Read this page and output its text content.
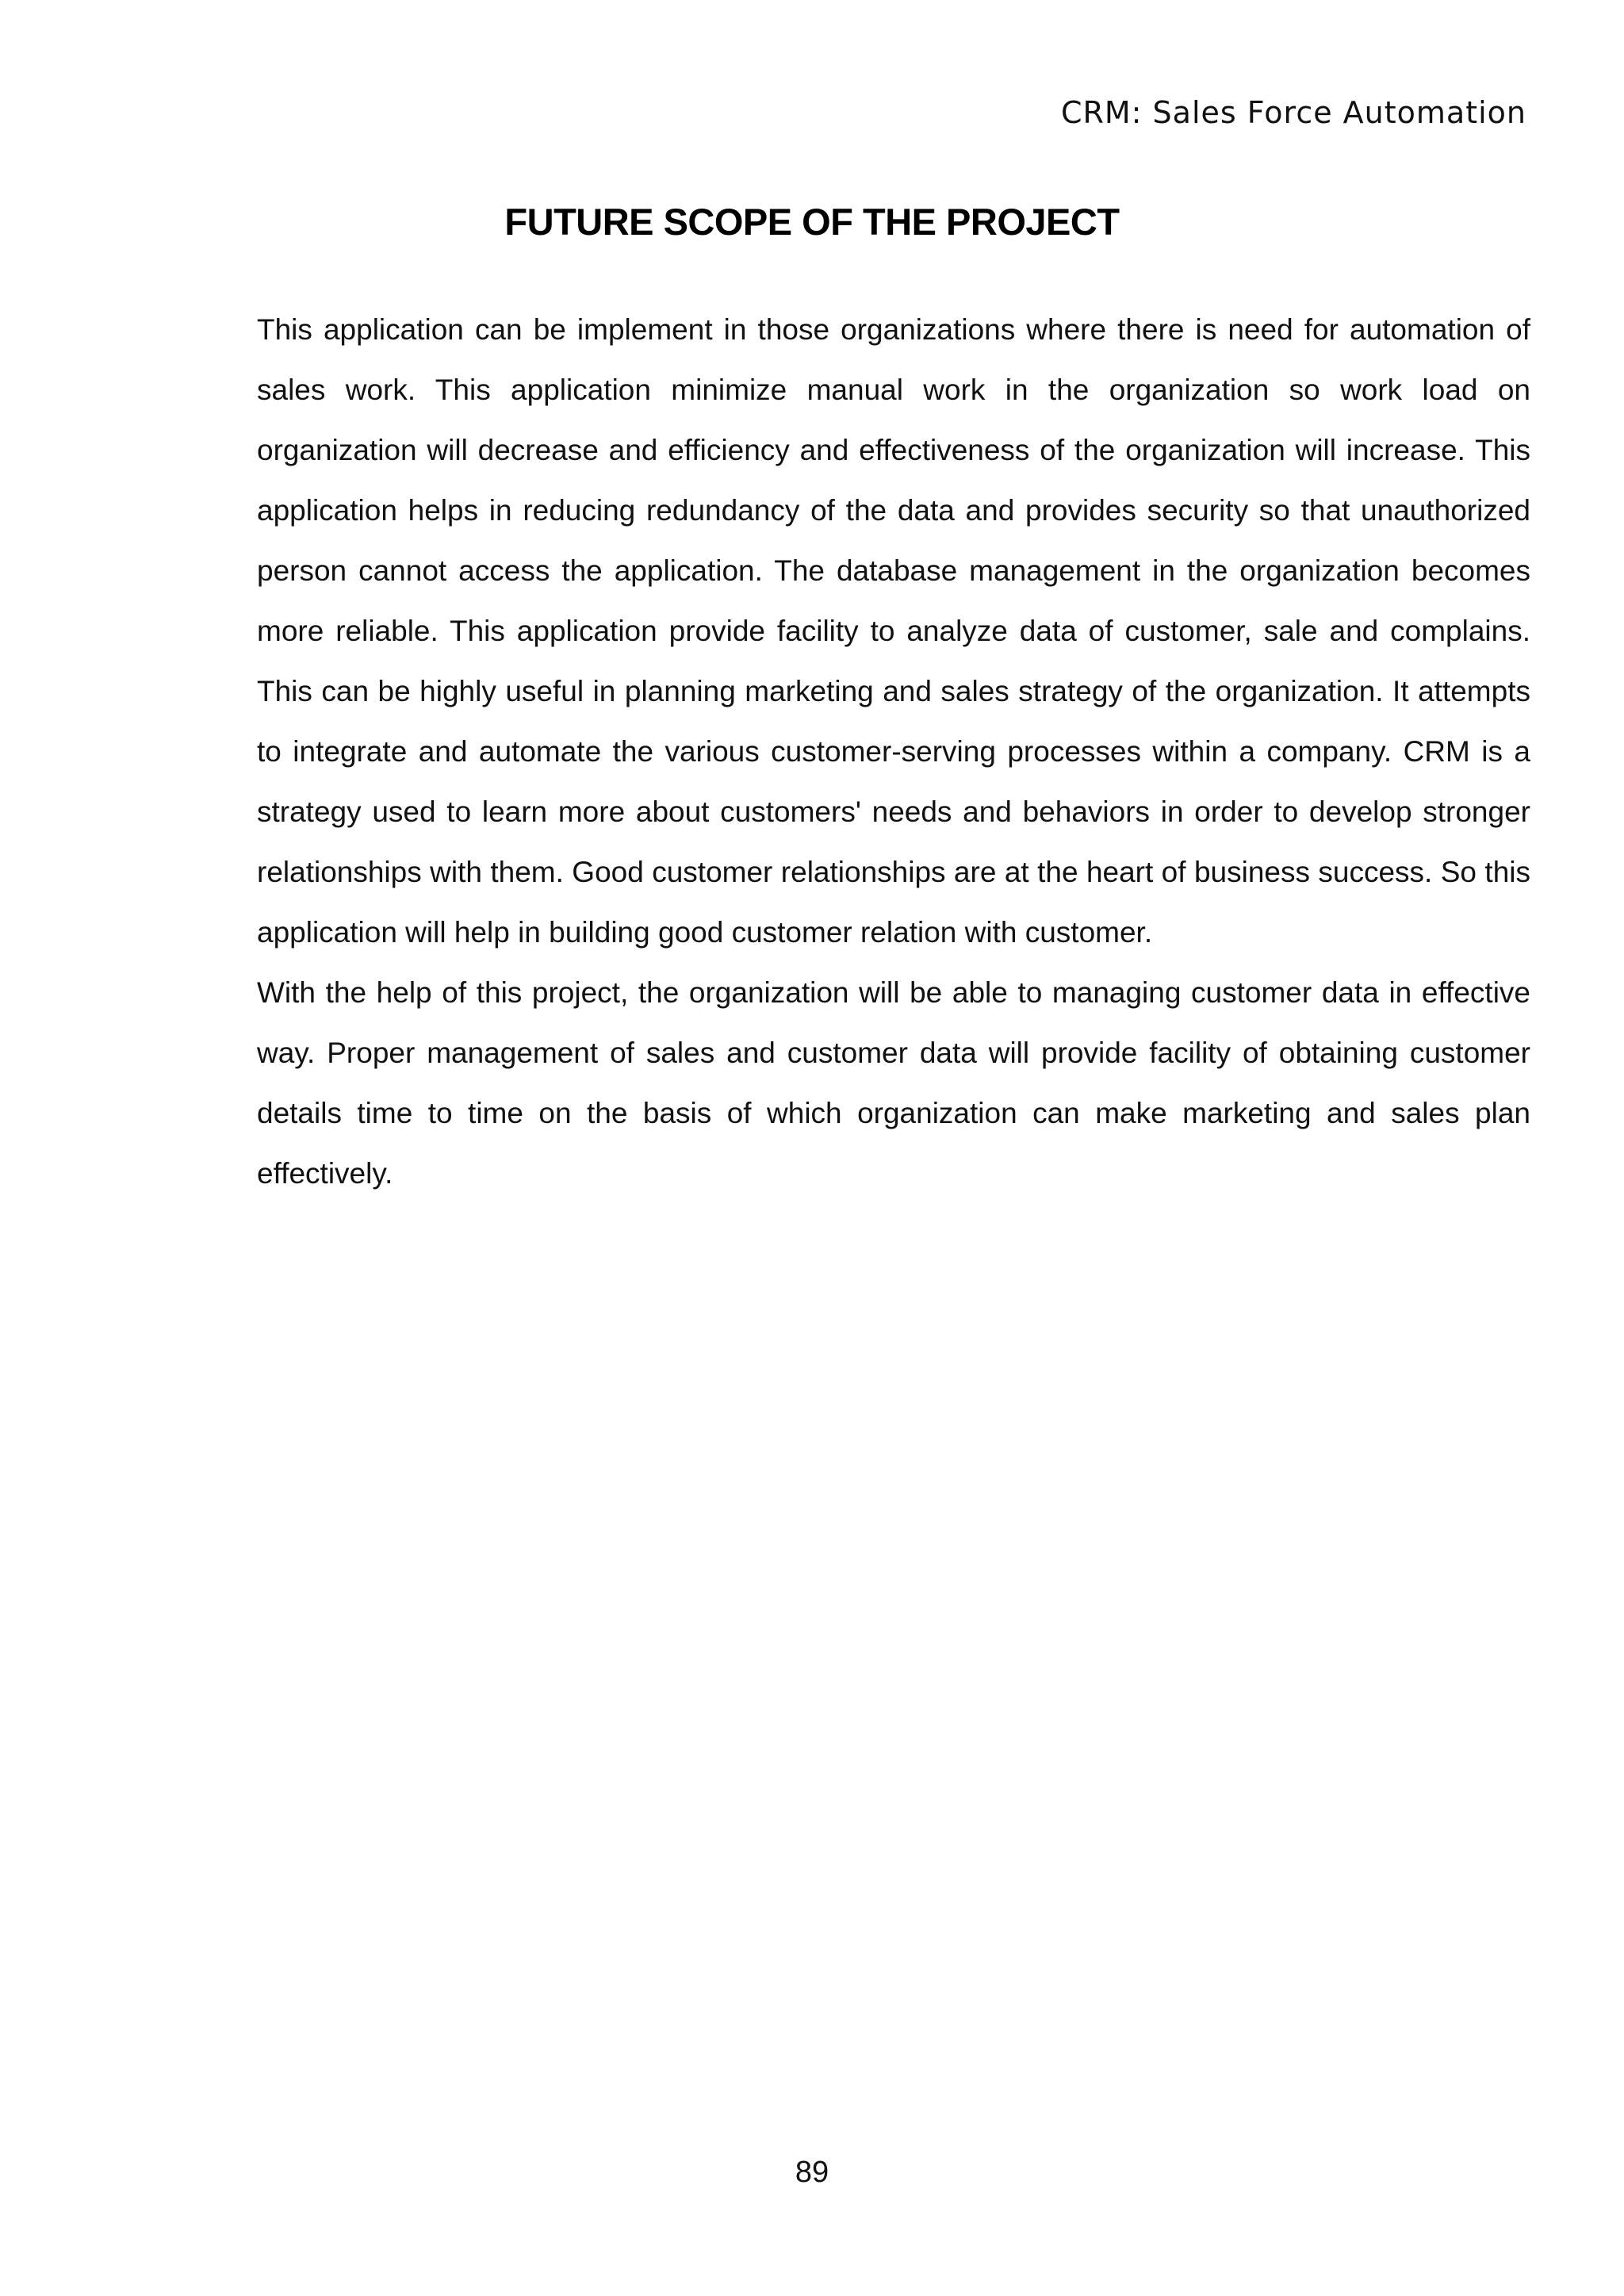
CRM: Sales Force Automation
FUTURE SCOPE OF THE PROJECT

This application can be implement in those organizations where there is need for automation of sales work. This application minimize manual work in the organization so work load on organization will decrease and efficiency and effectiveness of the organization will increase. This application helps in reducing redundancy of the data and provides security so that unauthorized person cannot access the application. The database management in the organization becomes more reliable. This application provide facility to analyze data of customer, sale and complains. This can be highly useful in planning marketing and sales strategy of the organization. It attempts to integrate and automate the various customer-serving processes within a company. CRM is a strategy used to learn more about customers' needs and behaviors in order to develop stronger relationships with them. Good customer relationships are at the heart of business success. So this application will help in building good customer relation with customer.

With the help of this project, the organization will be able to managing customer data in effective way. Proper management of sales and customer data will provide facility of obtaining customer details time to time on the basis of which organization can make marketing and sales plan effectively.

89
